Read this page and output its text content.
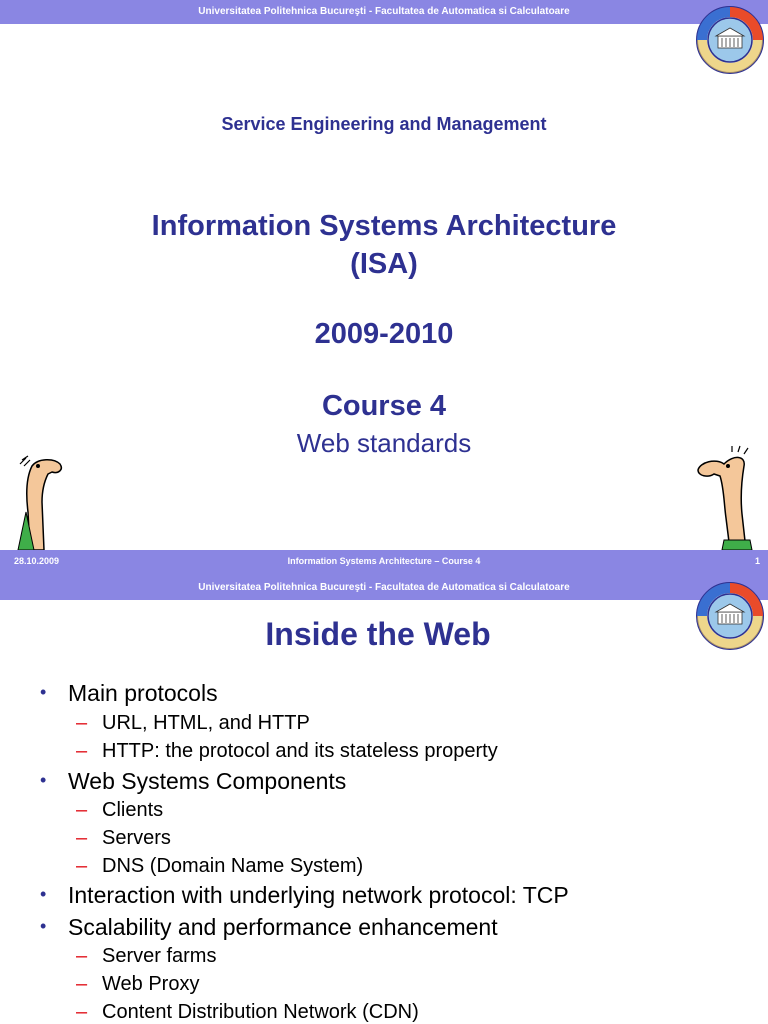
Universitatea Politehnica Bucureşti - Facultatea de Automatica si Calculatoare
Service Engineering and Management
Information Systems Architecture
(ISA)
2009-2010
Course 4
Web standards
28.10.2009	Information Systems Architecture – Course 4	1
Universitatea Politehnica Bucureşti - Facultatea de Automatica si Calculatoare
Inside the Web
• Main protocols
– URL, HTML, and HTTP
– HTTP: the protocol and its stateless property
• Web Systems Components
– Clients
– Servers
– DNS (Domain Name System)
• Interaction with underlying network protocol: TCP
• Scalability and performance enhancement
– Server farms
– Web Proxy
– Content Distribution Network (CDN)
